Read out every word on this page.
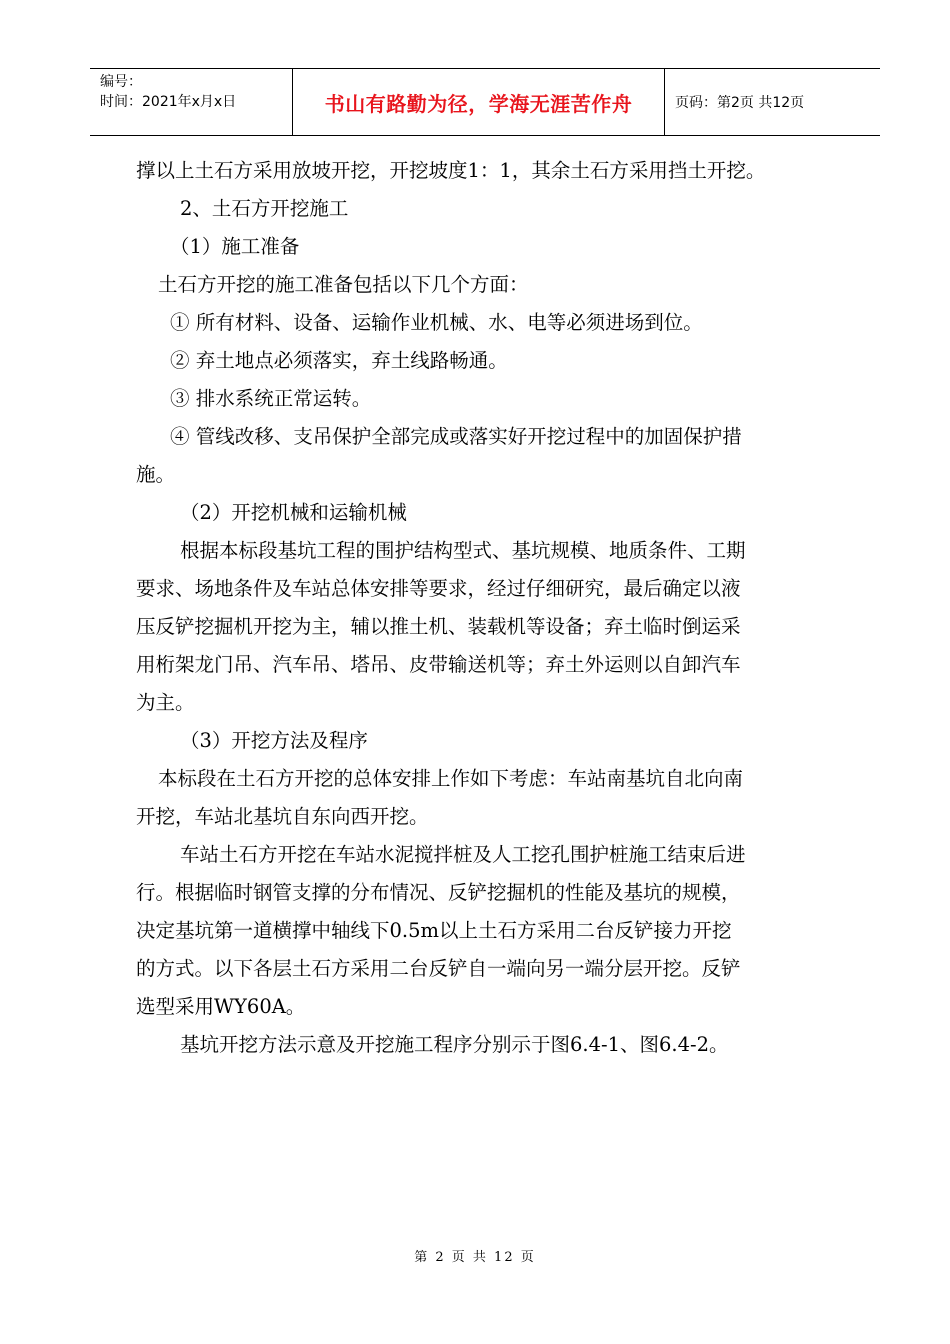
编号：
时间：2021年x月x日	书山有路勤为径，学海无涯苦作舟	页码：第2页 共12页

撑以上土石方采用放坡开挖，开挖坡度1：1，其余土石方采用挡土开挖。

2、土石方开挖施工

（1）施工准备

土石方开挖的施工准备包括以下几个方面：

① 所有材料、设备、运输作业机械、水、电等必须进场到位。

② 弃土地点必须落实，弃土线路畅通。

③ 排水系统正常运转。

④ 管线改移、支吊保护全部完成或落实好开挖过程中的加固保护措

施。

（2）开挖机械和运输机械

根据本标段基坑工程的围护结构型式、基坑规模、地质条件、工期

要求、场地条件及车站总体安排等要求，经过仔细研究，最后确定以液

压反铲挖掘机开挖为主，辅以推土机、装载机等设备；弃土临时倒运采

用桁架龙门吊、汽车吊、塔吊、皮带输送机等；弃土外运则以自卸汽车

为主。

（3）开挖方法及程序

本标段在土石方开挖的总体安排上作如下考虑：车站南基坑自北向南

开挖，车站北基坑自东向西开挖。

车站土石方开挖在车站水泥搅拌桩及人工挖孔围护桩施工结束后进

行。根据临时钢管支撑的分布情况、反铲挖掘机的性能及基坑的规模，

决定基坑第一道横撑中轴线下0.5m以上土石方采用二台反铲接力开挖

的方式。以下各层土石方采用二台反铲自一端向另一端分层开挖。反铲

选型采用WY60A。

基坑开挖方法示意及开挖施工程序分别示于图6.4-1、图6.4-2。

第 2 页 共 12 页
